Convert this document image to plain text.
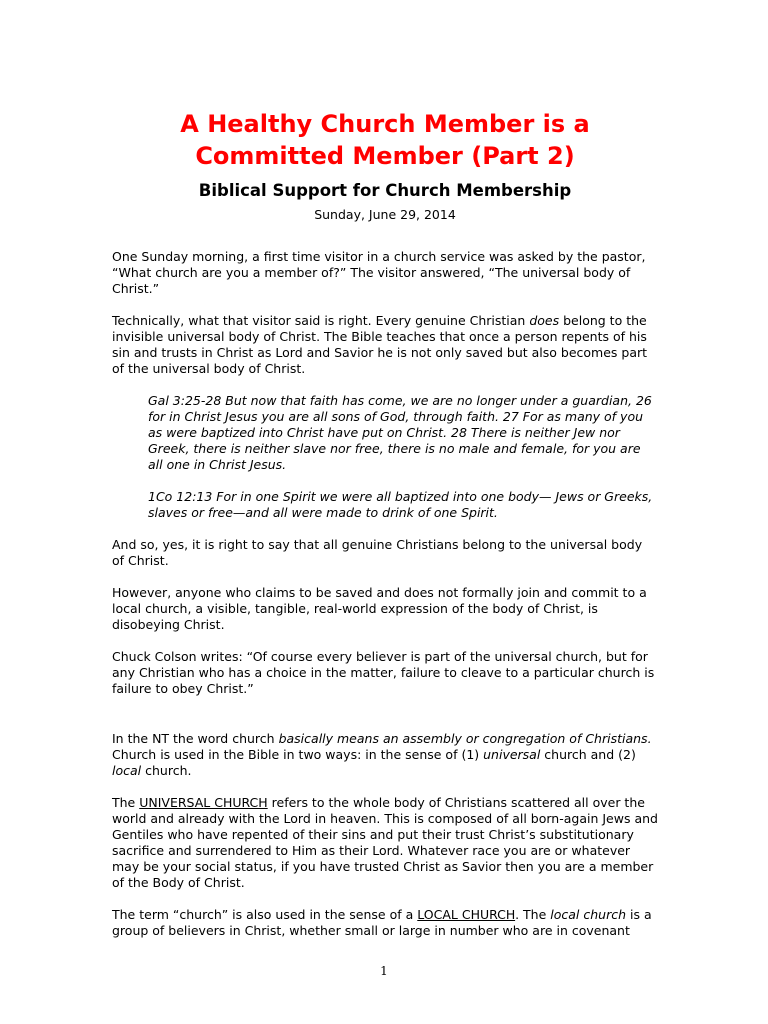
A Healthy Church Member is a Committed Member (Part 2)
Biblical Support for Church Membership
Sunday, June 29, 2014

One Sunday morning, a first time visitor in a church service was asked by the pastor, “What church are you a member of?” The visitor answered, “The universal body of Christ.”

Technically, what that visitor said is right. Every genuine Christian does belong to the invisible universal body of Christ. The Bible teaches that once a person repents of his sin and trusts in Christ as Lord and Savior he is not only saved but also becomes part of the universal body of Christ.

Gal 3:25-28 But now that faith has come, we are no longer under a guardian, 26 for in Christ Jesus you are all sons of God, through faith. 27 For as many of you as were baptized into Christ have put on Christ. 28 There is neither Jew nor Greek, there is neither slave nor free, there is no male and female, for you are all one in Christ Jesus.

1Co 12:13 For in one Spirit we were all baptized into one body— Jews or Greeks, slaves or free—and all were made to drink of one Spirit.

And so, yes, it is right to say that all genuine Christians belong to the universal body of Christ.

However, anyone who claims to be saved and does not formally join and commit to a local church, a visible, tangible, real-world expression of the body of Christ, is disobeying Christ.

Chuck Colson writes: “Of course every believer is part of the universal church, but for any Christian who has a choice in the matter, failure to cleave to a particular church is failure to obey Christ.”

In the NT the word church basically means an assembly or congregation of Christians. Church is used in the Bible in two ways: in the sense of (1) universal church and (2) local church.

The UNIVERSAL CHURCH refers to the whole body of Christians scattered all over the world and already with the Lord in heaven. This is composed of all born-again Jews and Gentiles who have repented of their sins and put their trust Christ’s substitutionary sacrifice and surrendered to Him as their Lord. Whatever race you are or whatever may be your social status, if you have trusted Christ as Savior then you are a member of the Body of Christ.

The term “church” is also used in the sense of a LOCAL CHURCH. The local church is a group of believers in Christ, whether small or large in number who are in covenant

1
